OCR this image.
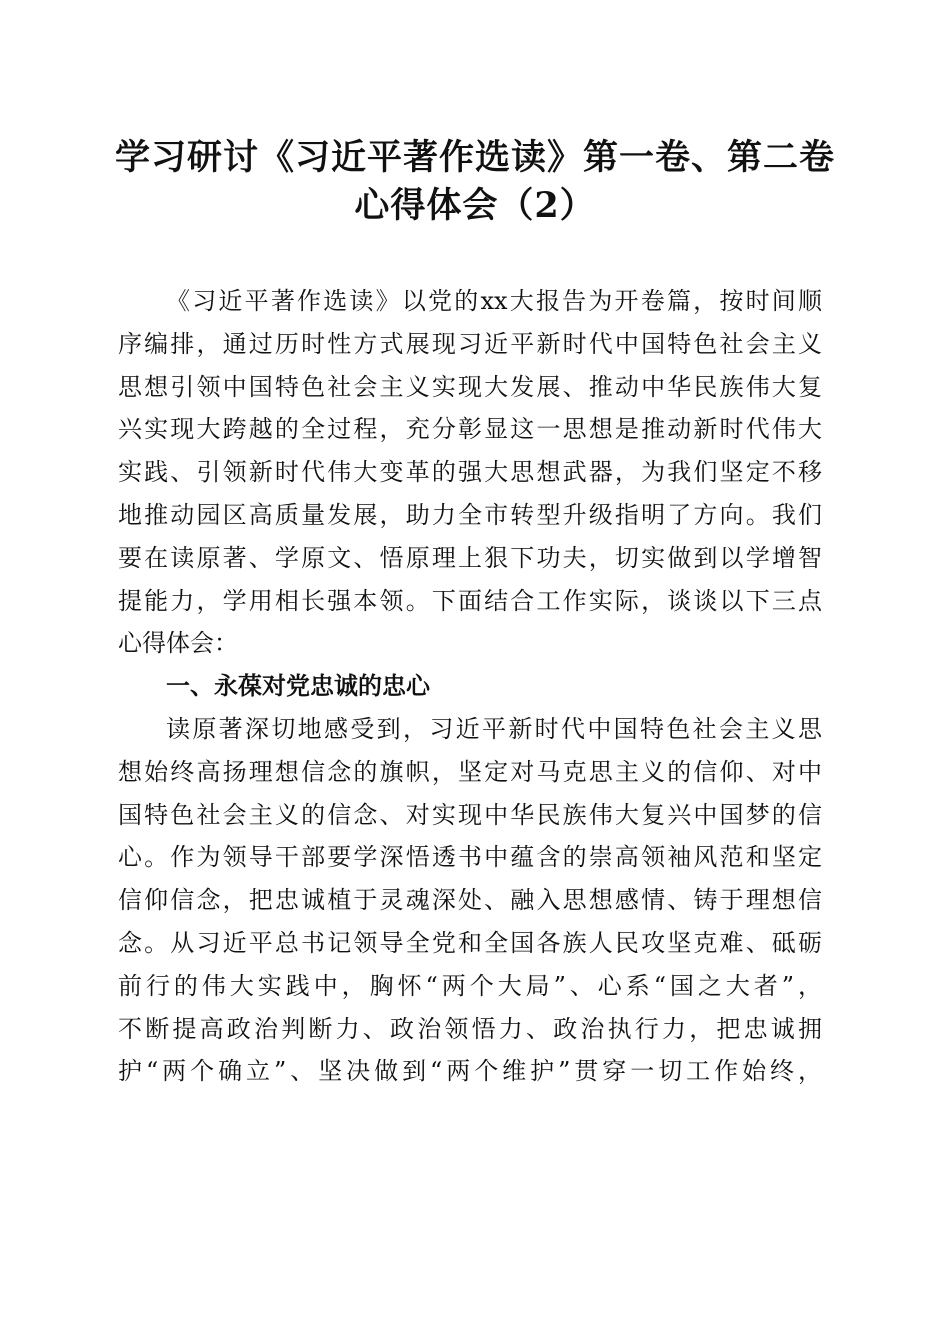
学习研讨《习近平著作选读》第一卷、第二卷
心得体会（2）
《习近平著作选读》以党的xx大报告为开卷篇，按时间顺
序编排，通过历时性方式展现习近平新时代中国特色社会主义
思想引领中国特色社会主义实现大发展、推动中华民族伟大复
兴实现大跨越的全过程，充分彰显这一思想是推动新时代伟大
实践、引领新时代伟大变革的强大思想武器，为我们坚定不移
地推动园区高质量发展，助力全市转型升级指明了方向。我们
要在读原著、学原文、悟原理上狠下功夫，切实做到以学增智
提能力，学用相长强本领。下面结合工作实际，谈谈以下三点
心得体会：
一、永葆对党忠诚的忠心
读原著深切地感受到，习近平新时代中国特色社会主义思
想始终高扬理想信念的旗帜，坚定对马克思主义的信仰、对中
国特色社会主义的信念、对实现中华民族伟大复兴中国梦的信
心。作为领导干部要学深悟透书中蕴含的崇高领袖风范和坚定
信仰信念，把忠诚植于灵魂深处、融入思想感情、铸于理想信
念。从习近平总书记领导全党和全国各族人民攻坚克难、砥砺
前行的伟大实践中，胸怀“两个大局”、心系“国之大者”，
不断提高政治判断力、政治领悟力、政治执行力，把忠诚拥
护“两个确立”、坚决做到“两个维护”贯穿一切工作始终，
